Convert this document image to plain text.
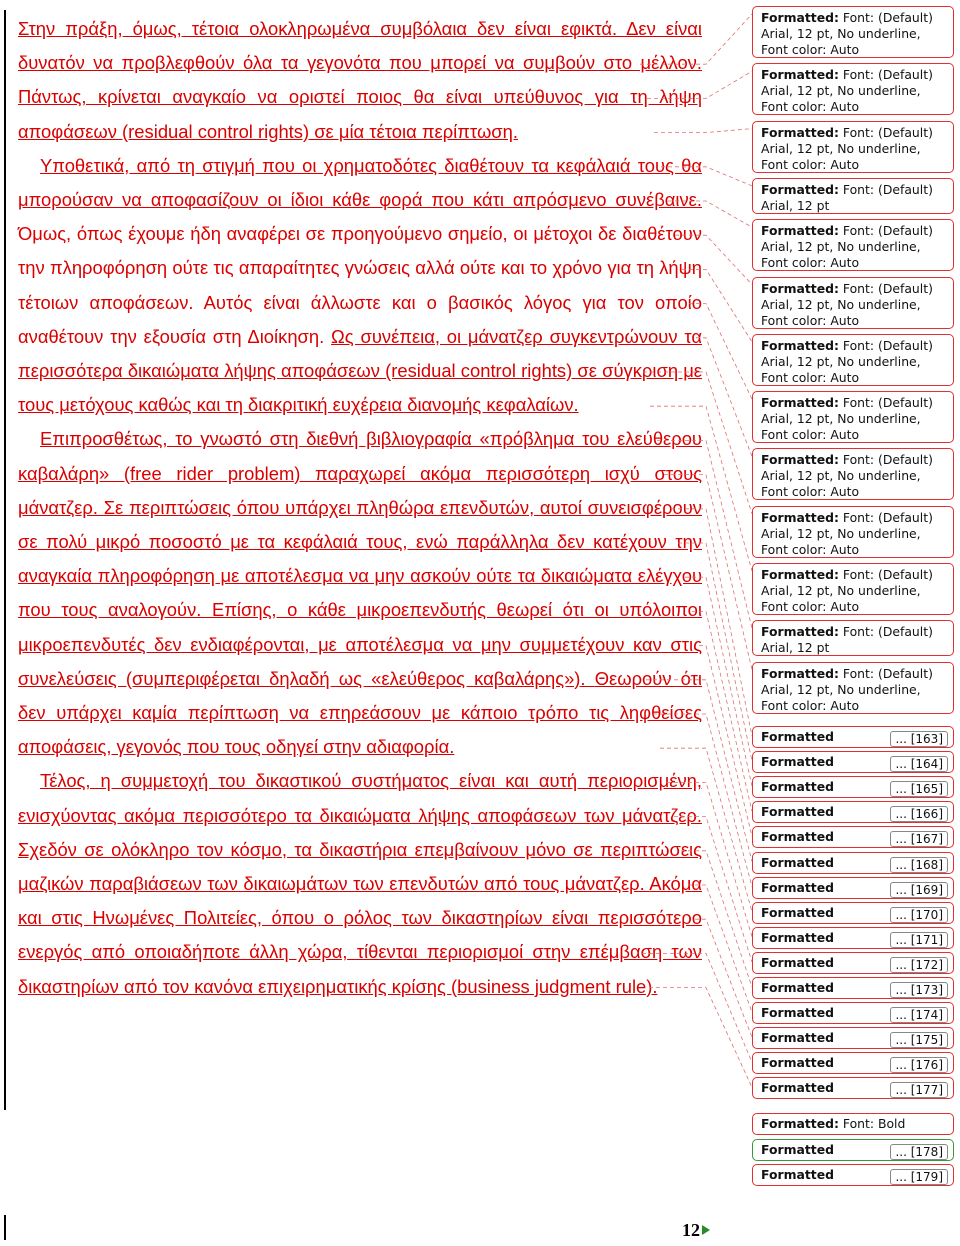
Στην πράξη, όμως, τέτοια ολοκληρωμένα συμβόλαια δεν είναι εφικτά. Δεν είναι δυνατόν να προβλεφθούν όλα τα γεγονότα που μπορεί να συμβούν στο μέλλον. Πάντως, κρίνεται αναγκαίο να οριστεί ποιος θα είναι υπεύθυνος για τη λήψη αποφάσεων (residual control rights) σε μία τέτοια περίπτωση.

Υποθετικά, από τη στιγμή που οι χρηματοδότες διαθέτουν τα κεφάλαιά τους θα μπορούσαν να αποφασίζουν οι ίδιοι κάθε φορά που κάτι απρόσμενο συνέβαινε. Όμως, όπως έχουμε ήδη αναφέρει σε προηγούμενο σημείο, οι μέτοχοι δε διαθέτουν την πληροφόρηση ούτε τις απαραίτητες γνώσεις αλλά ούτε και το χρόνο για τη λήψη τέτοιων αποφάσεων. Αυτός είναι άλλωστε και ο βασικός λόγος για τον οποίο αναθέτουν την εξουσία στη Διοίκηση. Ως συνέπεια, οι μάνατζερ συγκεντρώνουν τα περισσότερα δικαιώματα λήψης αποφάσεων (residual control rights) σε σύγκριση με τους μετόχους καθώς και τη διακριτική ευχέρεια διανομής κεφαλαίων.

Επιπροσθέτως, το γνωστό στη διεθνή βιβλιογραφία «πρόβλημα του ελεύθερου καβαλάρη» (free rider problem) παραχωρεί ακόμα περισσότερη ισχύ στους μάνατζερ. Σε περιπτώσεις όπου υπάρχει πληθώρα επενδυτών, αυτοί συνεισφέρουν σε πολύ μικρό ποσοστό με τα κεφάλαιά τους, ενώ παράλληλα δεν κατέχουν την αναγκαία πληροφόρηση με αποτέλεσμα να μην ασκούν ούτε τα δικαιώματα ελέγχου που τους αναλογούν. Επίσης, ο κάθε μικροεπενδυτής θεωρεί ότι οι υπόλοιποι μικροεπενδυτές δεν ενδιαφέρονται, με αποτέλεσμα να μην συμμετέχουν καν στις συνελεύσεις (συμπεριφέρεται δηλαδή ως «ελεύθερος καβαλάρης»). Θεωρούν ότι δεν υπάρχει καμία περίπτωση να επηρεάσουν με κάποιο τρόπο τις ληφθείσες αποφάσεις, γεγονός που τους οδηγεί στην αδιαφορία.

Τέλος, η συμμετοχή του δικαστικού συστήματος είναι και αυτή περιορισμένη, ενισχύοντας ακόμα περισσότερο τα δικαιώματα λήψης αποφάσεων των μάνατζερ. Σχεδόν σε ολόκληρο τον κόσμο, τα δικαστήρια επεμβαίνουν μόνο σε περιπτώσεις μαζικών παραβιάσεων των δικαιωμάτων των επενδυτών από τους μάνατζερ. Ακόμα και στις Ηνωμένες Πολιτείες, όπου ο ρόλος των δικαστηρίων είναι περισσότερο ενεργός από οποιαδήποτε άλλη χώρα, τίθενται περιορισμοί στην επέμβαση των δικαστηρίων από τον κανόνα επιχειρηματικής κρίσης (business judgment rule).

Formatted: Font: (Default) Arial, 12 pt, No underline, Font color: Auto
Formatted: Font: (Default) Arial, 12 pt, No underline, Font color: Auto
Formatted: Font: (Default) Arial, 12 pt, No underline, Font color: Auto
Formatted: Font: (Default) Arial, 12 pt
Formatted: Font: (Default) Arial, 12 pt, No underline, Font color: Auto
Formatted: Font: (Default) Arial, 12 pt, No underline, Font color: Auto
Formatted: Font: (Default) Arial, 12 pt, No underline, Font color: Auto
Formatted: Font: (Default) Arial, 12 pt, No underline, Font color: Auto
Formatted: Font: (Default) Arial, 12 pt, No underline, Font color: Auto
Formatted: Font: (Default) Arial, 12 pt, No underline, Font color: Auto
Formatted: Font: (Default) Arial, 12 pt, No underline, Font color: Auto
Formatted: Font: (Default) Arial, 12 pt
Formatted: Font: (Default) Arial, 12 pt, No underline, Font color: Auto
Formatted	... [163]
Formatted	... [164]
Formatted	... [165]
Formatted	... [166]
Formatted	... [167]
Formatted	... [168]
Formatted	... [169]
Formatted	... [170]
Formatted	... [171]
Formatted	... [172]
Formatted	... [173]
Formatted	... [174]
Formatted	... [175]
Formatted	... [176]
Formatted	... [177]
Formatted: Font: Bold
Formatted	... [178]
Formatted	... [179]
12
